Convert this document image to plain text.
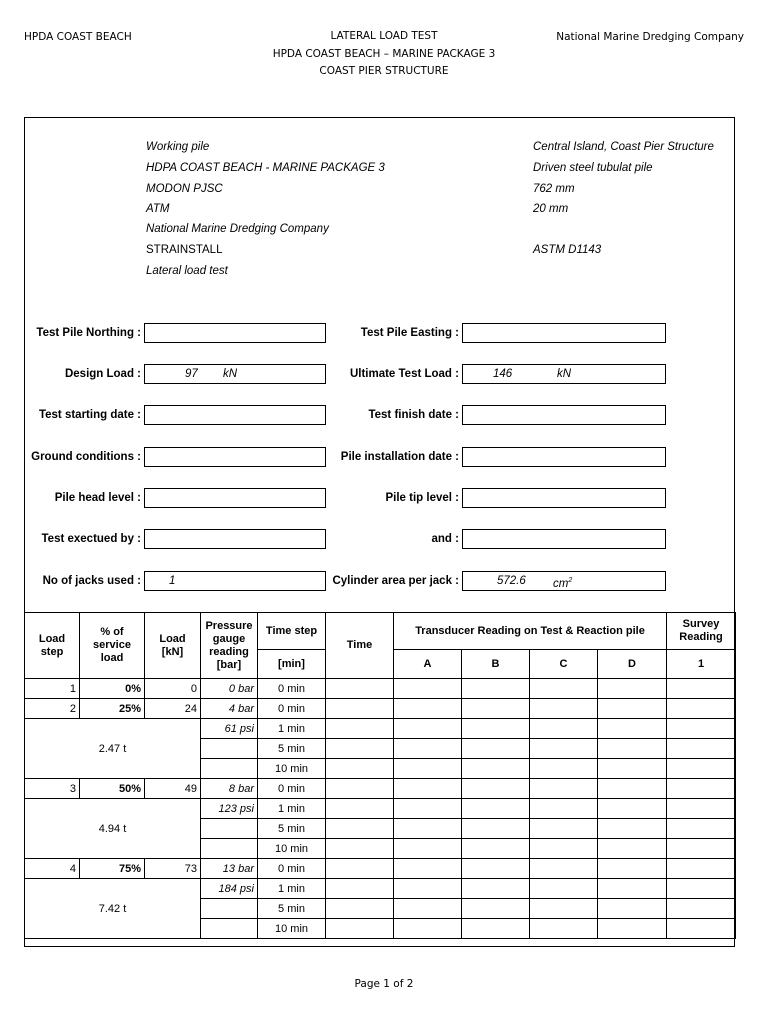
HPDA COAST BEACH	LATERAL LOAD TEST
HPDA COAST BEACH – MARINE PACKAGE 3
COAST PIER STRUCTURE
National Marine Dredging Company
Working pile
HDPA COAST BEACH - MARINE PACKAGE 3
MODON PJSC
ATM
National Marine Dredging Company
STRAINSTALL
Lateral load test
Central Island, Coast Pier Structure
Driven steel tubulat pile
762 mm
20 mm
ASTM D1143
Test Pile Northing :
Design Load :	97 kN
Test starting date :
Ground conditions :
Pile head level :
Test exectued by :
No of jacks used : 1
Test Pile Easting :
Ultimate Test Load :	146	kN
Test finish date :
Pile installation date :
Pile tip level :
and :
Cylinder area per jack :	572.6 $cm^2$
Load step	% of service load	Load [kN]	Pressure gauge reading [bar]	Time step	Time	Transducer Reading on Test & Reaction pile				Survey Reading
				[min]		A	B	C	D	1
1	0%	0	0 bar	0 min						
2	25%	24	4 bar	0 min						
2.47 t			61 psi	1 min						
				5 min						
				10 min						
3	50%	49	8 bar	0 min						
4.94 t			123 psi	1 min						
				5 min						
				10 min						
4	75%	73	13 bar	0 min						
7.42 t			184 psi	1 min						
				5 min						
				10 min						
Page 1 of 2
